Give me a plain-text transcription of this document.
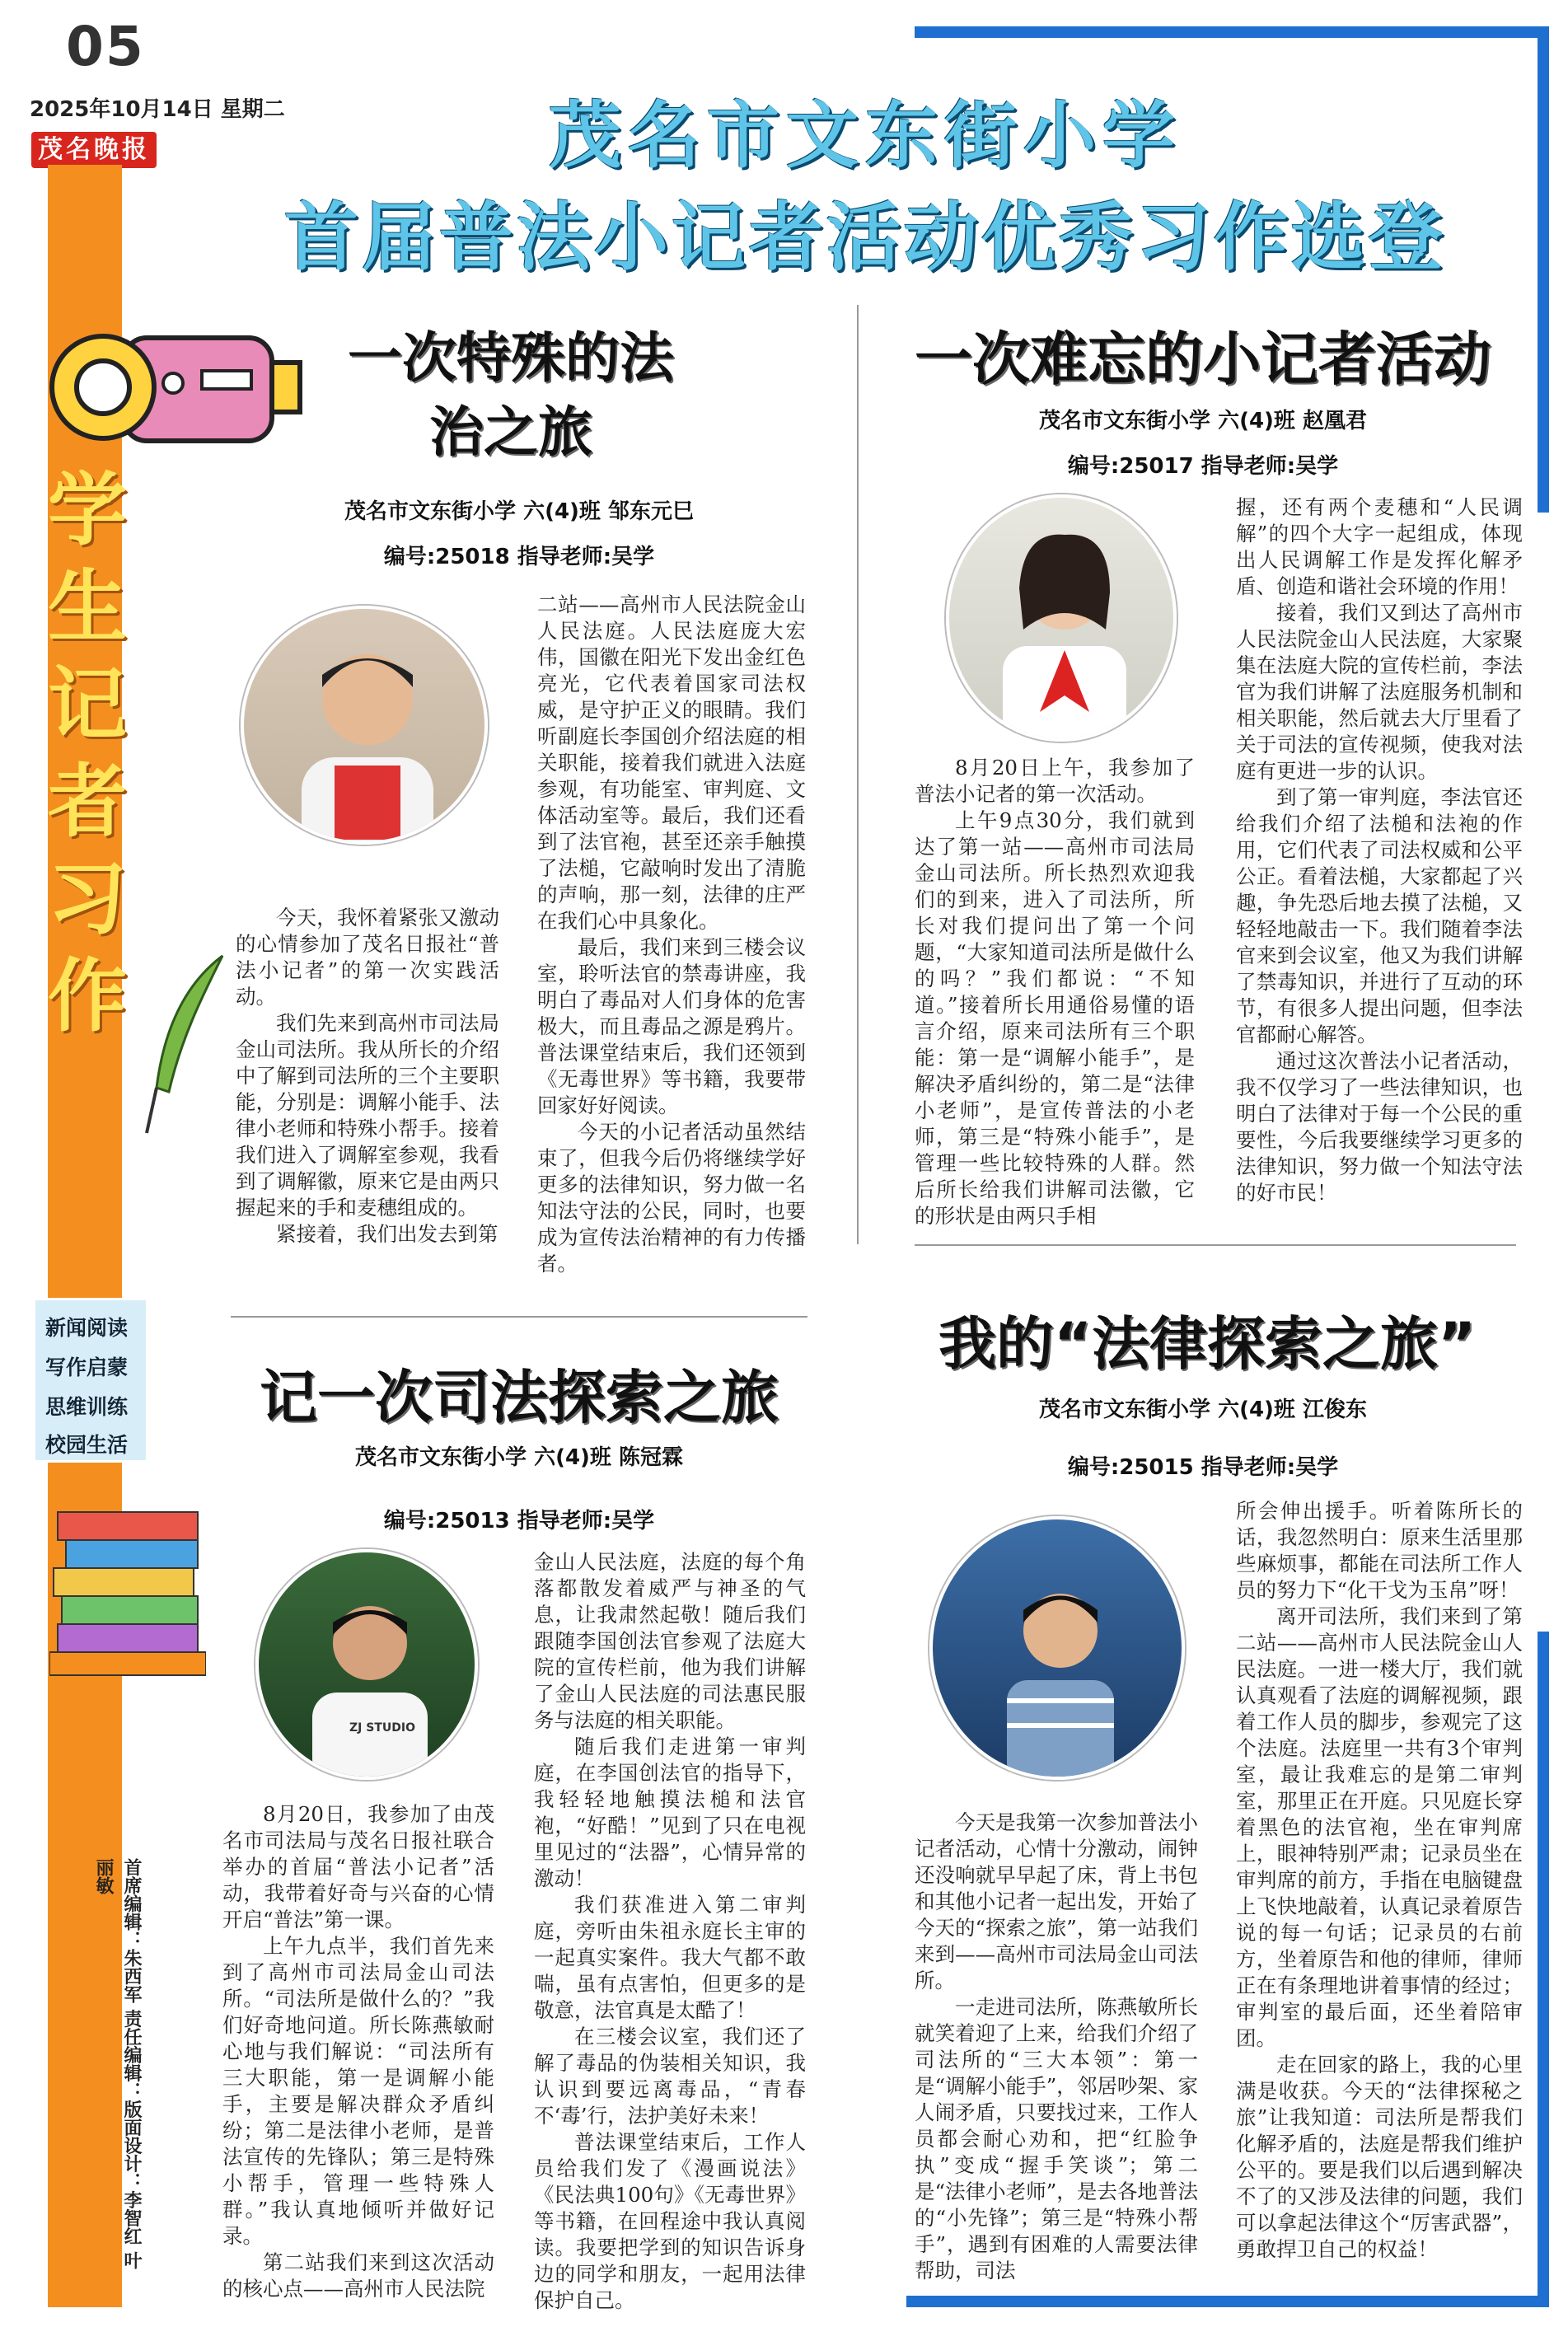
05
2025年10月14日 星期二
茂名晚报	茂名市文东街小学
首届普法小记者活动优秀习作选登
学生记者习作
新闻阅读
写作启蒙
思维训练
校园生活
首席编辑：朱西军 责任编辑：版面设计：李智红 叶丽敏
一次特殊的法治之旅
茂名市文东街小学 六(4)班 邹东元巳
编号:25018 指导老师:吴学

今天，我怀着紧张又激动的心情参加了茂名日报社“普法小记者”的第一次实践活动。

我们先来到高州市司法局金山司法所。我从所长的介绍中了解到司法所的三个主要职能，分别是：调解小能手、法律小老师和特殊小帮手。接着我们进入了调解室参观，我看到了调解徽，原来它是由两只握起来的手和麦穗组成的。

紧接着，我们出发去到第

二站——高州市人民法院金山人民法庭。人民法庭庞大宏伟，国徽在阳光下发出金红色亮光，它代表着国家司法权威，是守护正义的眼睛。我们听副庭长李国创介绍法庭的相关职能，接着我们就进入法庭参观，有功能室、审判庭、文体活动室等。最后，我们还看到了法官袍，甚至还亲手触摸了法槌，它敲响时发出了清脆的声响，那一刻，法律的庄严在我们心中具象化。

最后，我们来到三楼会议室，聆听法官的禁毒讲座，我明白了毒品对人们身体的危害极大，而且毒品之源是鸦片。普法课堂结束后，我们还领到《无毒世界》等书籍，我要带回家好好阅读。

今天的小记者活动虽然结束了，但我今后仍将继续学好更多的法律知识，努力做一名知法守法的公民，同时，也要成为宣传法治精神的有力传播者。

一次难忘的小记者活动
茂名市文东街小学 六(4)班 赵凰君
编号:25017 指导老师:吴学

8月20日上午，我参加了普法小记者的第一次活动。

上午9点30分，我们就到达了第一站——高州市司法局金山司法所。所长热烈欢迎我们的到来，进入了司法所，所长对我们提问出了第一个问题，“大家知道司法所是做什么的吗？”我们都说：“不知道。”接着所长用通俗易懂的语言介绍，原来司法所有三个职能：第一是“调解小能手”，是解决矛盾纠纷的，第二是“法律小老师”，是宣传普法的小老师，第三是“特殊小能手”，是管理一些比较特殊的人群。然后所长给我们讲解司法徽，它的形状是由两只手相

握，还有两个麦穗和“人民调解”的四个大字一起组成，体现出人民调解工作是发挥化解矛盾、创造和谐社会环境的作用！

接着，我们又到达了高州市人民法院金山人民法庭，大家聚集在法庭大院的宣传栏前，李法官为我们讲解了法庭服务机制和相关职能，然后就去大厅里看了关于司法的宣传视频，使我对法庭有更进一步的认识。

到了第一审判庭，李法官还给我们介绍了法槌和法袍的作用，它们代表了司法权威和公平公正。看着法槌，大家都起了兴趣，争先恐后地去摸了法槌，又轻轻地敲击一下。我们随着李法官来到会议室，他又为我们讲解了禁毒知识，并进行了互动的环节，有很多人提出问题，但李法官都耐心解答。

通过这次普法小记者活动，我不仅学习了一些法律知识，也明白了法律对于每一个公民的重要性，今后我要继续学习更多的法律知识，努力做一个知法守法的好市民！

记一次司法探索之旅
茂名市文东街小学 六(4)班 陈冠霖
编号:25013 指导老师:吴学
ZJ STUDIO

8月20日，我参加了由茂名市司法局与茂名日报社联合举办的首届“普法小记者”活动，我带着好奇与兴奋的心情开启“普法”第一课。

上午九点半，我们首先来到了高州市司法局金山司法所。“司法所是做什么的？”我们好奇地问道。所长陈燕敏耐心地与我们解说：“司法所有三大职能，第一是调解小能手，主要是解决群众矛盾纠纷；第二是法律小老师，是普法宣传的先锋队；第三是特殊小帮手，管理一些特殊人群。”我认真地倾听并做好记录。

第二站我们来到这次活动的核心点——高州市人民法院

金山人民法庭，法庭的每个角落都散发着威严与神圣的气息，让我肃然起敬！随后我们跟随李国创法官参观了法庭大院的宣传栏前，他为我们讲解了金山人民法庭的司法惠民服务与法庭的相关职能。

随后我们走进第一审判庭，在李国创法官的指导下，我轻轻地触摸法槌和法官袍，“好酷！”见到了只在电视里见过的“法器”，心情异常的激动！

我们获准进入第二审判庭，旁听由朱祖永庭长主审的一起真实案件。我大气都不敢喘，虽有点害怕，但更多的是敬意，法官真是太酷了！

在三楼会议室，我们还了解了毒品的伪装相关知识，我认识到要远离毒品，“青春不‘毒’行，法护美好未来！

普法课堂结束后，工作人员给我们发了《漫画说法》《民法典100句》《无毒世界》等书籍，在回程途中我认真阅读。我要把学到的知识告诉身边的同学和朋友，一起用法律保护自己。

我的“法律探索之旅”
茂名市文东街小学 六(4)班 江俊东
编号:25015 指导老师:吴学

今天是我第一次参加普法小记者活动，心情十分激动，闹钟还没响就早早起了床，背上书包和其他小记者一起出发，开始了今天的“探索之旅”，第一站我们来到——高州市司法局金山司法所。

一走进司法所，陈燕敏所长就笑着迎了上来，给我们介绍了司法所的“三大本领”：第一是“调解小能手”，邻居吵架、家人闹矛盾，只要找过来，工作人员都会耐心劝和，把“红脸争执”变成“握手笑谈”；第二是“法律小老师”，是去各地普法的“小先锋”；第三是“特殊小帮手”，遇到有困难的人需要法律帮助，司法

所会伸出援手。听着陈所长的话，我忽然明白：原来生活里那些麻烦事，都能在司法所工作人员的努力下“化干戈为玉帛”呀！

离开司法所，我们来到了第二站——高州市人民法院金山人民法庭。一进一楼大厅，我们就认真观看了法庭的调解视频，跟着工作人员的脚步，参观完了这个法庭。法庭里一共有3个审判室，最让我难忘的是第二审判室，那里正在开庭。只见庭长穿着黑色的法官袍，坐在审判席上，眼神特别严肃；记录员坐在审判席的前方，手指在电脑键盘上飞快地敲着，认真记录着原告说的每一句话；记录员的右前方，坐着原告和他的律师，律师正在有条理地讲着事情的经过；审判室的最后面，还坐着陪审团。

走在回家的路上，我的心里满是收获。今天的“法律探秘之旅”让我知道：司法所是帮我们化解矛盾的，法庭是帮我们维护公平的。要是我们以后遇到解决不了的又涉及法律的问题，我们可以拿起法律这个“厉害武器”，勇敢捍卫自己的权益！
